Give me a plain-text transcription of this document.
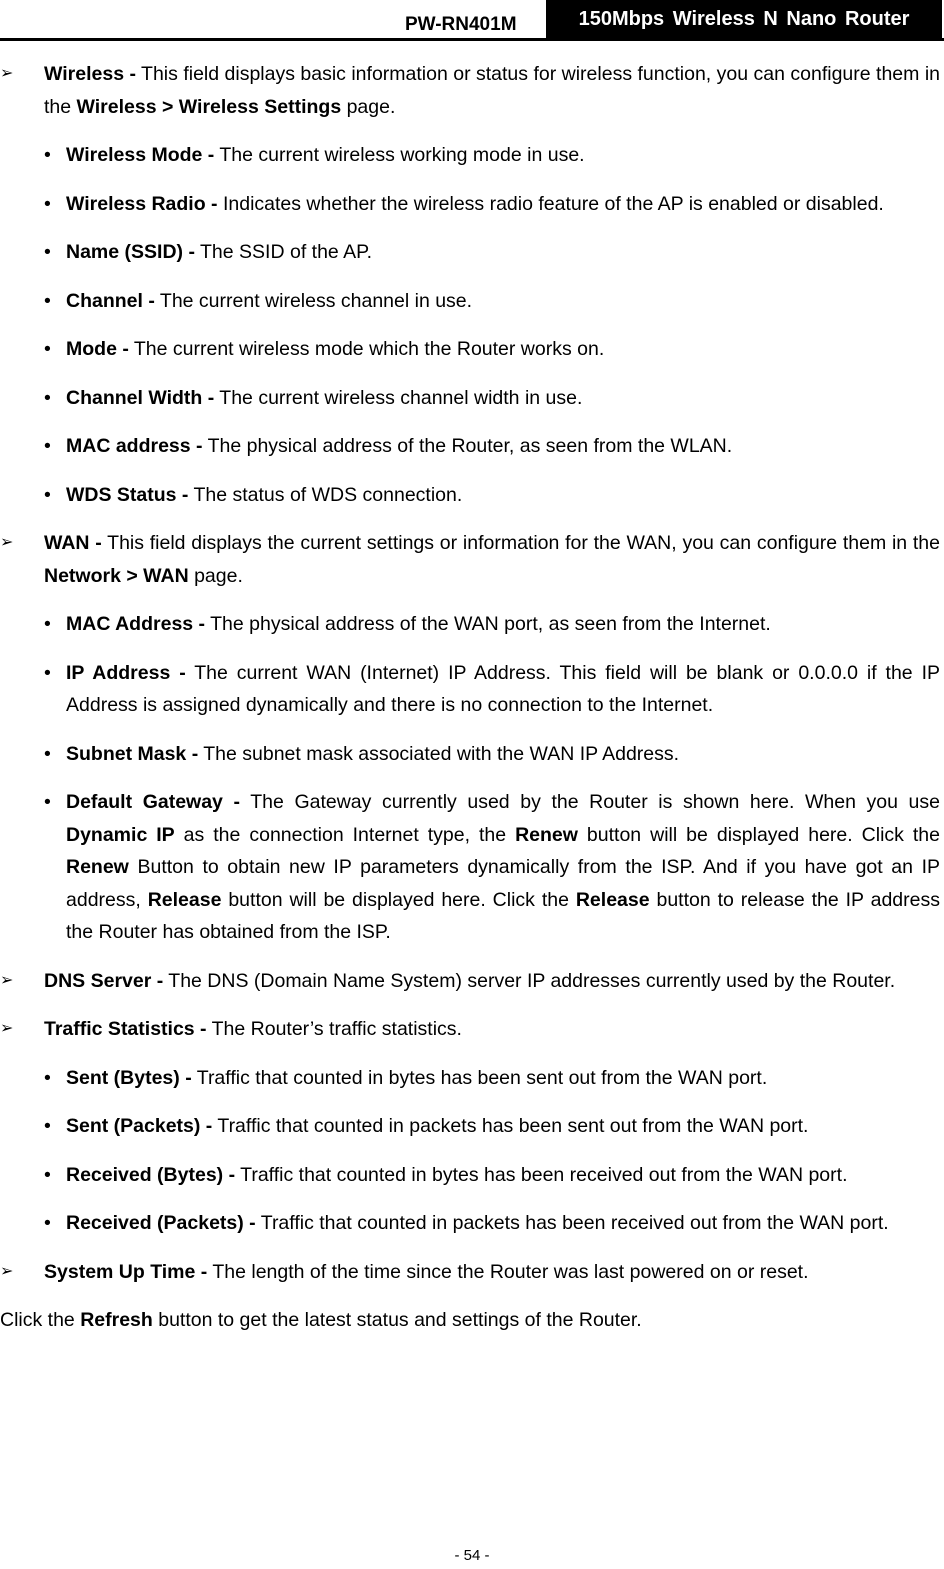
PW-RN401M	150Mbps Wireless N Nano Router
➢ Wireless - This field displays basic information or status for wireless function, you can configure them in the Wireless > Wireless Settings page.
• Wireless Mode - The current wireless working mode in use.
• Wireless Radio - Indicates whether the wireless radio feature of the AP is enabled or disabled.
• Name (SSID) - The SSID of the AP.
• Channel - The current wireless channel in use.
• Mode - The current wireless mode which the Router works on.
• Channel Width - The current wireless channel width in use.
• MAC address - The physical address of the Router, as seen from the WLAN.
• WDS Status - The status of WDS connection.
➢ WAN - This field displays the current settings or information for the WAN, you can configure them in the Network > WAN page.
• MAC Address - The physical address of the WAN port, as seen from the Internet.
• IP Address - The current WAN (Internet) IP Address. This field will be blank or 0.0.0.0 if the IP Address is assigned dynamically and there is no connection to the Internet.
• Subnet Mask - The subnet mask associated with the WAN IP Address.
• Default Gateway - The Gateway currently used by the Router is shown here. When you use Dynamic IP as the connection Internet type, the Renew button will be displayed here. Click the Renew Button to obtain new IP parameters dynamically from the ISP. And if you have got an IP address, Release button will be displayed here. Click the Release button to release the IP address the Router has obtained from the ISP.
➢ DNS Server - The DNS (Domain Name System) server IP addresses currently used by the Router.
➢ Traffic Statistics - The Router’s traffic statistics.
• Sent (Bytes) - Traffic that counted in bytes has been sent out from the WAN port.
• Sent (Packets) - Traffic that counted in packets has been sent out from the WAN port.
• Received (Bytes) - Traffic that counted in bytes has been received out from the WAN port.
• Received (Packets) - Traffic that counted in packets has been received out from the WAN port.
➢ System Up Time - The length of the time since the Router was last powered on or reset.
Click the Refresh button to get the latest status and settings of the Router.
- 54 -
